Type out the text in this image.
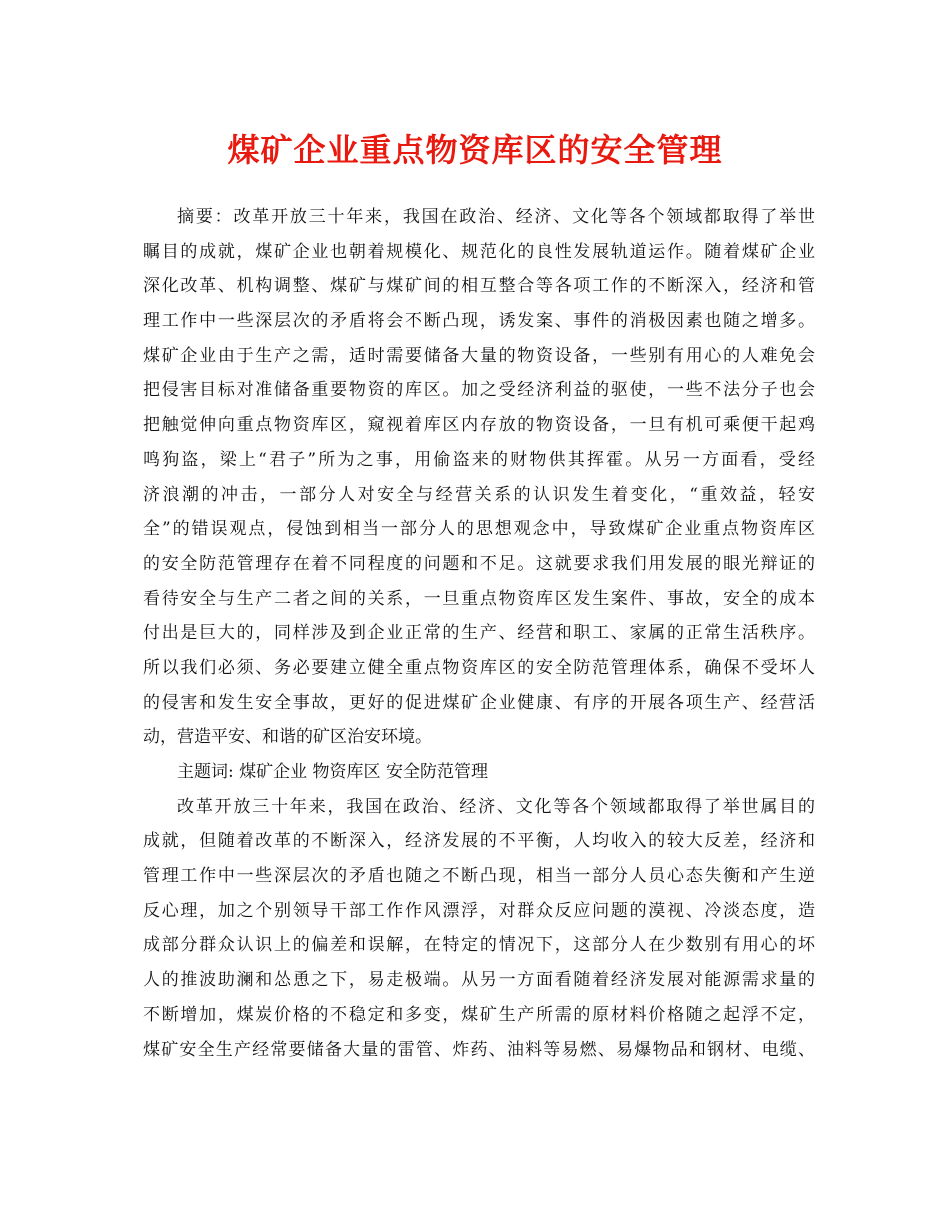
煤矿企业重点物资库区的安全管理
摘要：改革开放三十年来，我国在政治、经济、文化等各个领域都取得了举世
瞩目的成就，煤矿企业也朝着规模化、规范化的良性发展轨道运作。随着煤矿企业
深化改革、机构调整、煤矿与煤矿间的相互整合等各项工作的不断深入，经济和管
理工作中一些深层次的矛盾将会不断凸现，诱发案、事件的消极因素也随之增多。
煤矿企业由于生产之需，适时需要储备大量的物资设备，一些别有用心的人难免会
把侵害目标对准储备重要物资的库区。加之受经济利益的驱使，一些不法分子也会
把触觉伸向重点物资库区，窥视着库区内存放的物资设备，一旦有机可乘便干起鸡
鸣狗盗，梁上“君子”所为之事，用偷盗来的财物供其挥霍。从另一方面看，受经
济浪潮的冲击，一部分人对安全与经营关系的认识发生着变化，“重效益，轻安
全”的错误观点，侵蚀到相当一部分人的思想观念中，导致煤矿企业重点物资库区
的安全防范管理存在着不同程度的问题和不足。这就要求我们用发展的眼光辩证的
看待安全与生产二者之间的关系，一旦重点物资库区发生案件、事故，安全的成本
付出是巨大的，同样涉及到企业正常的生产、经营和职工、家属的正常生活秩序。
所以我们必须、务必要建立健全重点物资库区的安全防范管理体系，确保不受坏人
的侵害和发生安全事故，更好的促进煤矿企业健康、有序的开展各项生产、经营活
动，营造平安、和谐的矿区治安环境。
主题词: 煤矿企业 物资库区 安全防范管理
改革开放三十年来，我国在政治、经济、文化等各个领域都取得了举世属目的
成就，但随着改革的不断深入，经济发展的不平衡，人均收入的较大反差，经济和
管理工作中一些深层次的矛盾也随之不断凸现，相当一部分人员心态失衡和产生逆
反心理，加之个别领导干部工作作风漂浮，对群众反应问题的漠视、冷淡态度，造
成部分群众认识上的偏差和误解，在特定的情况下，这部分人在少数别有用心的坏
人的推波助澜和怂恿之下，易走极端。从另一方面看随着经济发展对能源需求量的
不断增加，煤炭价格的不稳定和多变，煤矿生产所需的原材料价格随之起浮不定，
煤矿安全生产经常要储备大量的雷管、炸药、油料等易燃、易爆物品和钢材、电缆、
